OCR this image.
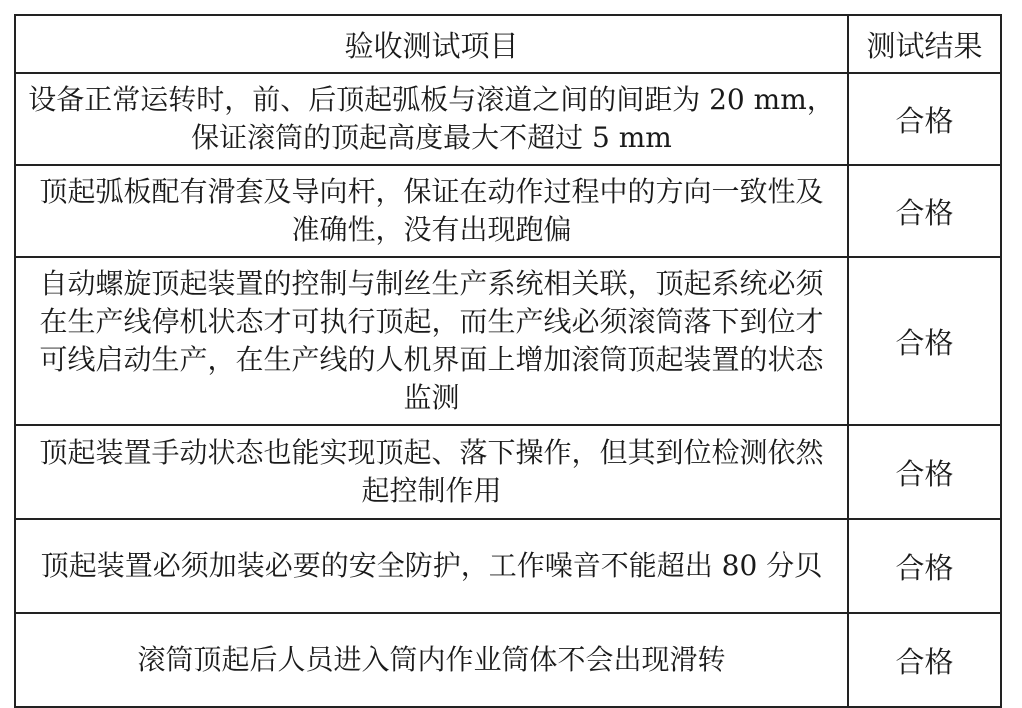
验收测试项目	测试结果
设备正常运转时，前、后顶起弧板与滚道之间的间距为 20 mm，保证滚筒的顶起高度最大不超过 5 mm	合格
顶起弧板配有滑套及导向杆，保证在动作过程中的方向一致性及准确性，没有出现跑偏	合格
自动螺旋顶起装置的控制与制丝生产系统相关联，顶起系统必须在生产线停机状态才可执行顶起，而生产线必须滚筒落下到位才可线启动生产，在生产线的人机界面上增加滚筒顶起装置的状态监测	合格
顶起装置手动状态也能实现顶起、落下操作，但其到位检测依然起控制作用	合格
顶起装置必须加装必要的安全防护，工作噪音不能超出 80 分贝	合格
滚筒顶起后人员进入筒内作业筒体不会出现滑转	合格
